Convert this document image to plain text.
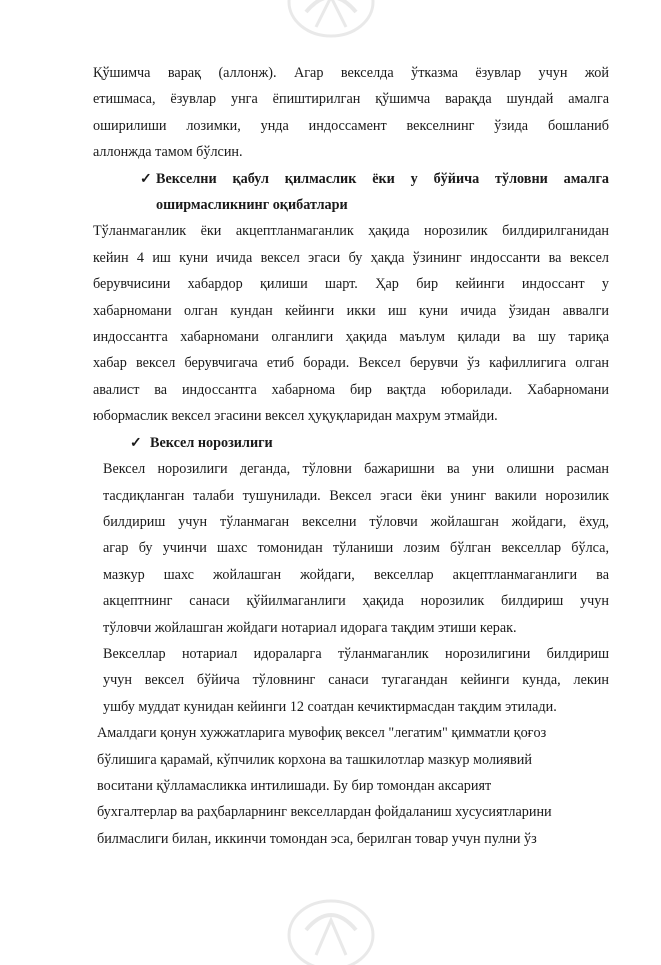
Қўшимча варақ (аллонж). Агар векселда ўтказма ёзувлар учун жой
етишмаса, ёзувлар унга ёпиштирилган қўшимча варақда шундай амалга
оширилиши лозимки, унда индоссамент векселнинг ўзида бошланиб
аллонжда тамом бўлсин.
✓ Векселни қабул қилмаслик ёки у бўйича тўловни амалга
оширмасликнинг оқибатлари
Тўланмаганлик ёки акцептланмаганлик ҳақида норозилик билдирилганидан
кейин 4 иш куни ичида вексел эгаси бу ҳақда ўзининг индоссанти ва вексел
берувчисини хабардор қилиши шарт. Ҳар бир кейинги индоссант у
хабарномани олган кундан кейинги икки иш куни ичида ўзидан аввалги
индоссантга хабарномани олганлиги ҳақида маълум қилади ва шу тариқа
хабар вексел берувчигача етиб боради. Вексел берувчи ўз кафиллигига олган
авалист ва индоссантга хабарнома бир вақтда юборилади. Хабарномани
юбормаслик вексел эгасини вексел ҳуқуқларидан махрум этмайди.
✓ Вексел норозилиги
Вексел норозилиги деганда, тўловни бажаришни ва уни олишни расман
тасдиқланган талаби тушунилади. Вексел эгаси ёки унинг вакили норозилик
билдириш учун тўланмаган векселни тўловчи жойлашган жойдаги, ёхуд,
агар бу учинчи шахс томонидан тўланиши лозим бўлган векселлар бўлса,
мазкур шахс жойлашган жойдаги, векселлар акцептланмаганлиги ва
акцептнинг санаси қўйилмаганлиги ҳақида норозилик билдириш учун
тўловчи жойлашган жойдаги нотариал идорага тақдим этиши керак.
Векселлар нотариал идораларга тўланмаганлик норозилигини билдириш
учун вексел бўйича тўловнинг санаси тугагандан кейинги кунда, лекин
ушбу муддат кунидан кейинги 12 соатдан кечиктирмасдан тақдим этилади.
Амалдаги қонун хужжатларига мувофиқ вексел "легатим" қимматли қоғоз
бўлишига қарамай, кўпчилик корхона ва ташкилотлар мазкур молиявий
воситани қўлламасликка интилишади. Бу бир томондан аксарият
бухгалтерлар ва раҳбарларнинг векселлардан фойдаланиш хусусиятларини
билмаслиги билан, иккинчи томондан эса, берилган товар учун пулни ўз
